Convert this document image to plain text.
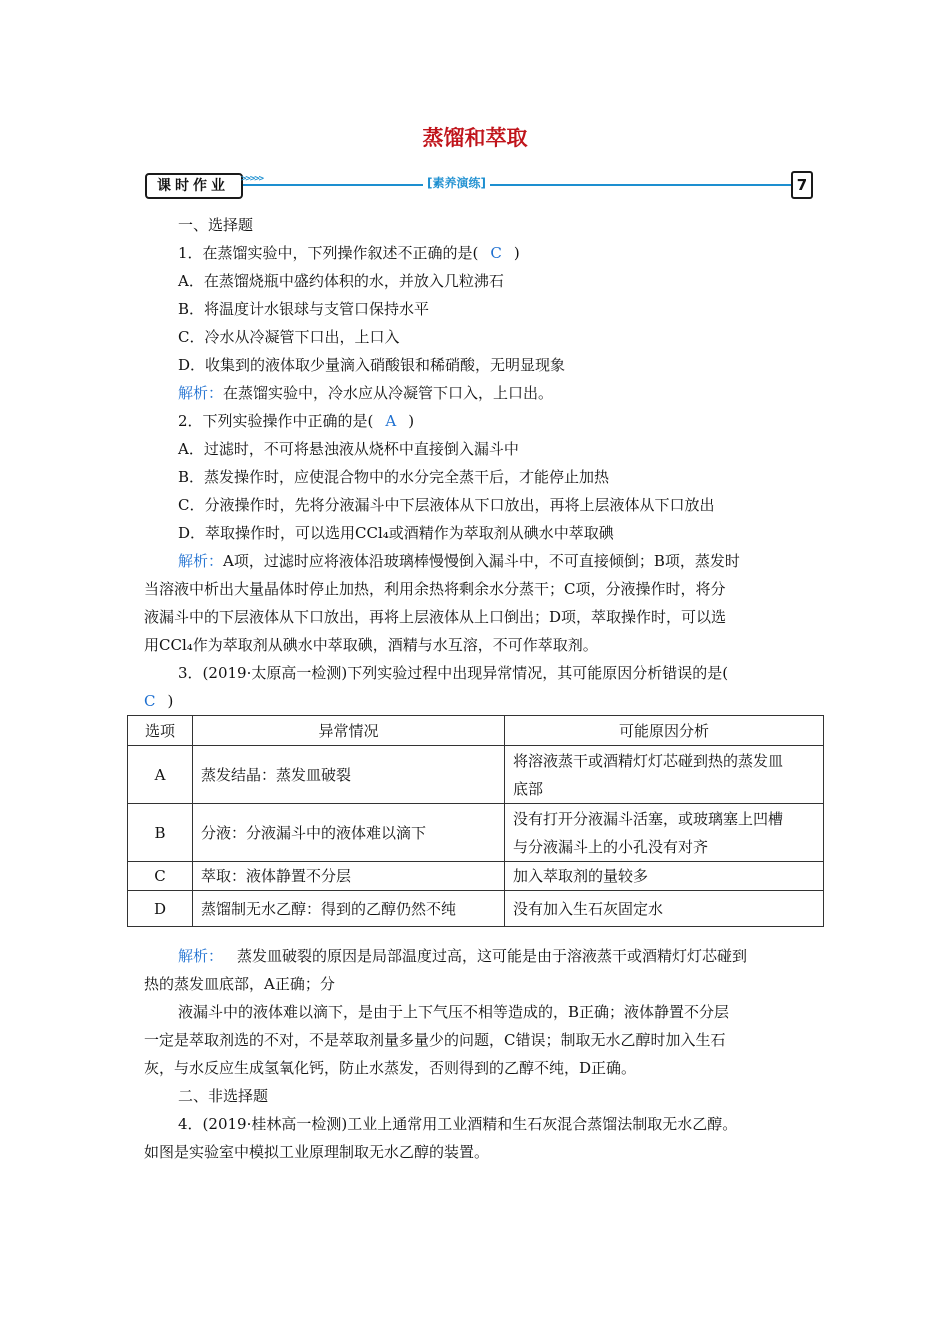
蒸馏和萃取
课时作业	>>>>>	[素养演练]	7
一、选择题
1．在蒸馏实验中，下列操作叙述不正确的是( C )
A．在蒸馏烧瓶中盛约体积的水，并放入几粒沸石
B．将温度计水银球与支管口保持水平
C．冷水从冷凝管下口出，上口入
D．收集到的液体取少量滴入硝酸银和稀硝酸，无明显现象
解析：在蒸馏实验中，冷水应从冷凝管下口入，上口出。
2．下列实验操作中正确的是( A )
A．过滤时，不可将悬浊液从烧杯中直接倒入漏斗中
B．蒸发操作时，应使混合物中的水分完全蒸干后，才能停止加热
C．分液操作时，先将分液漏斗中下层液体从下口放出，再将上层液体从下口放出
D．萃取操作时，可以选用CCl₄或酒精作为萃取剂从碘水中萃取碘
解析：A项，过滤时应将液体沿玻璃棒慢慢倒入漏斗中，不可直接倾倒；B项，蒸发时
当溶液中析出大量晶体时停止加热，利用余热将剩余水分蒸干；C项，分液操作时，将分
液漏斗中的下层液体从下口放出，再将上层液体从上口倒出；D项，萃取操作时，可以选
用CCl₄作为萃取剂从碘水中萃取碘，酒精与水互溶，不可作萃取剂。
3．(2019·太原高一检测)下列实验过程中出现异常情况，其可能原因分析错误的是(
C )
选项	异常情况	可能原因分析
A	蒸发结晶：蒸发皿破裂	将溶液蒸干或酒精灯灯芯碰到热的蒸发皿
底部

B	分液：分液漏斗中的液体难以滴下	没有打开分液漏斗活塞，或玻璃塞上凹槽
与分液漏斗上的小孔没有对齐

C	萃取：液体静置不分层	加入萃取剂的量较多
D	蒸馏制无水乙醇：得到的乙醇仍然不纯	没有加入生石灰固定水
解析： 蒸发皿破裂的原因是局部温度过高，这可能是由于溶液蒸干或酒精灯灯芯碰到
热的蒸发皿底部，A正确；分
液漏斗中的液体难以滴下，是由于上下气压不相等造成的，B正确；液体静置不分层
一定是萃取剂选的不对，不是萃取剂量多量少的问题，C错误；制取无水乙醇时加入生石
灰，与水反应生成氢氧化钙，防止水蒸发，否则得到的乙醇不纯，D正确。
二、非选择题
4．(2019·桂林高一检测)工业上通常用工业酒精和生石灰混合蒸馏法制取无水乙醇。
如图是实验室中模拟工业原理制取无水乙醇的装置。
